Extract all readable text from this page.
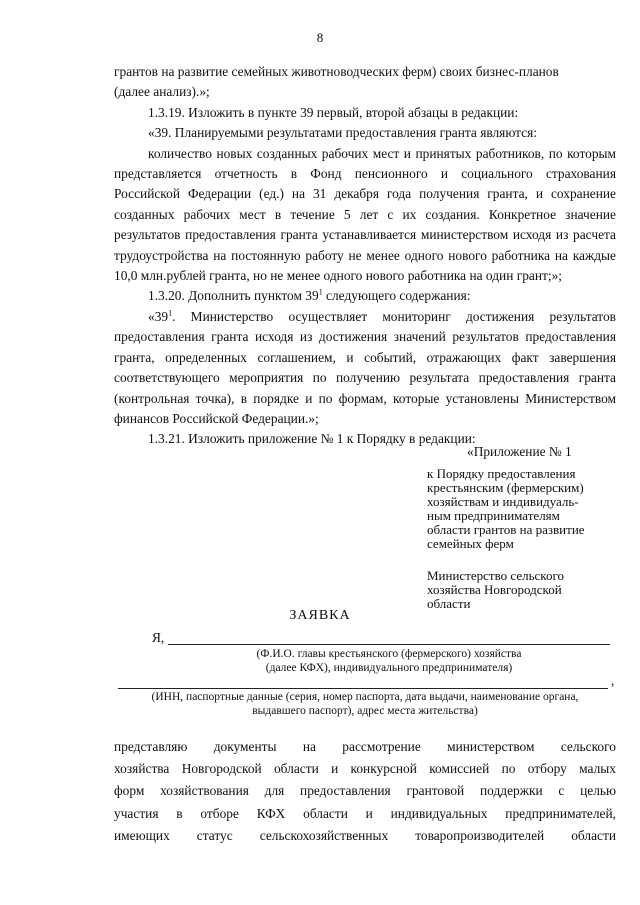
8

грантов на развитие семейных животноводческих ферм) своих бизнес-планов

(далее анализ).»;

1.3.19. Изложить в пункте 39 первый, второй абзацы в редакции:

«39. Планируемыми результатами предоставления гранта являются:

количество новых созданных рабочих мест и принятых работников, по которым представляется отчетность в Фонд пенсионного и социального страхования Российской Федерации (ед.) на 31 декабря года получения гранта, и сохранение созданных рабочих мест в течение 5 лет с их создания. Конкретное значение результатов предоставления гранта устанавливается министерством исходя из расчета трудоустройства на постоянную работу не менее одного нового работника на каждые 10,0 млн.рублей гранта, но не менее одного нового работника на один грант;»;

1.3.20. Дополнить пунктом $39^1$ следующего содержания:

«$39^1$. Министерство осуществляет мониторинг достижения результатов предоставления гранта исходя из достижения значений результатов предоставления гранта, определенных соглашением, и событий, отражающих факт завершения соответствующего мероприятия по получению результата предоставления гранта (контрольная точка), в порядке и по формам, которые установлены Министерством финансов Российской Федерации.»;

1.3.21. Изложить приложение № 1 к Порядку в редакции:

«Приложение № 1
к Порядку предоставления
крестьянским (фермерским)
хозяйствам и индивидуаль-
ным предпринимателям
области грантов на развитие
семейных ферм
Министерство сельского
хозяйства Новгородской
области
ЗАЯВКА
Я,
(Ф.И.О. главы крестьянского (фермерского) хозяйства
(далее КФХ), индивидуального предпринимателя)
,
(ИНН, паспортные данные (серия, номер паспорта, дата выдачи, наименование органа,
выдавшего паспорт), адрес места жительства)

представляю документы на рассмотрение министерством сельского

хозяйства Новгородской области и конкурсной комиссией по отбору малых

форм хозяйствования для предоставления грантовой поддержки с целью

участия в отборе КФХ области и индивидуальных предпринимателей,

имеющих статус сельскохозяйственных товаропроизводителей области
